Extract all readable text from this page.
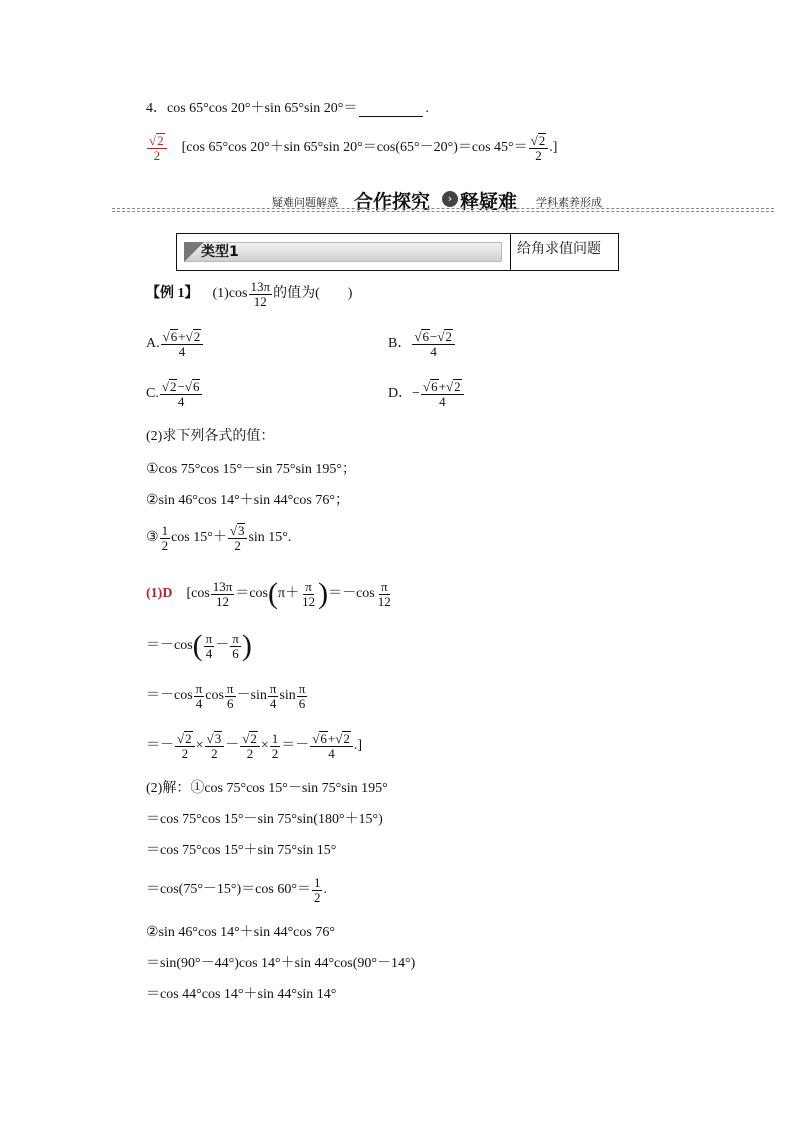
4． cos 65°cos 20°＋sin 65°sin 20°＝	.
$\frac{√ 2}{2} [\cos$ 65°cos 20°＋sin 65°sin 20°＝cos(65°－20°)＝cos $45^\circ= \frac{√ 2}{2}$ .]
疑难问题解惑 合作探究	› 释疑难 学科素养形成
类型1	给角求值问题
【例 1】 $(1)\cos \frac{13\pi}{12}$ 的值为(　　)
A. $\frac{√ 6 + √ 2}{4}$	B． $\frac{√ 6 - √ 2}{4}$
C. $\frac{√ 2 - √ 6}{4}$	D． − $\frac{√ 6 + √ 2}{4}$
(2)求下列各式的值：
①cos 75°cos 15°－sin 75°sin 195°；
②sin 46°cos 14°＋sin 44°cos 76°；
③ $\frac{1}{2}$ $\cos 15^\circ+ \frac{√ 3}{2}$ sin 15°.
(1)D [$\cos \frac{13\pi}{12} =\cos$ ( $\pi + \frac{\pi}{12}$ ) $=-\cos \frac{\pi}{12}$
＝－cos ( $\frac{\pi}{4} - \frac{\pi}{6}$ )
$=-\cos \frac{\pi}{4}$ $\cos \frac{\pi}{6} - \sin \frac{\pi}{4}$ $\sin \frac{\pi}{6}$
＝－ $\frac{√ 2}{2} \times \frac{√ 3}{2} - \frac{√ 2}{2} \times \frac{1}{2} =- \frac{√ 6 + √ 2}{4}$ .]
(2)解：①cos 75°cos 15°－sin 75°sin 195°
＝cos 75°cos 15°－sin 75°sin(180°＋15°)
＝cos 75°cos 15°＋sin 75°sin 15°
＝cos(75°－15°)＝cos $60^\circ= \frac{1}{2}$ .
②sin 46°cos 14°＋sin 44°cos 76°
＝sin(90°－44°)cos 14°＋sin 44°cos(90°－14°)
＝cos 44°cos 14°＋sin 44°sin 14°
